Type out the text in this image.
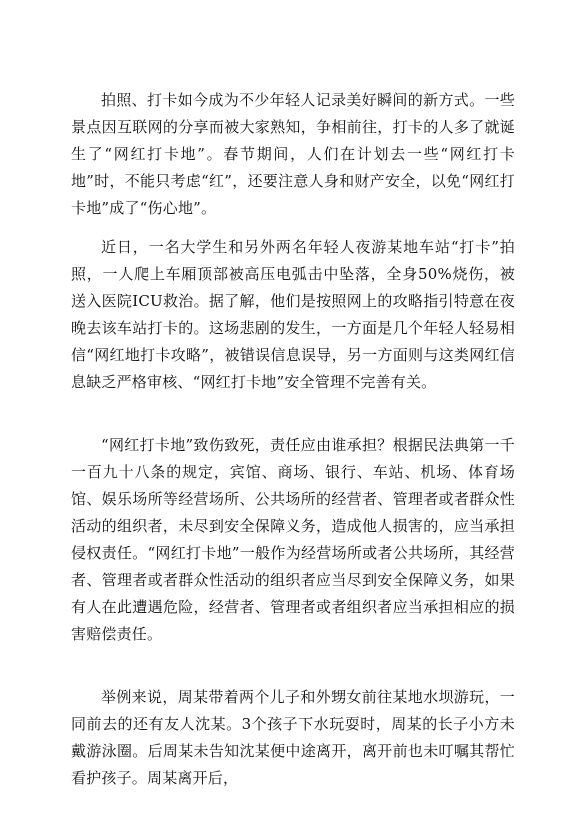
拍照、打卡如今成为不少年轻人记录美好瞬间的新方式。一些景点因互联网的分享而被大家熟知，争相前往，打卡的人多了就诞生了“网红打卡地”。春节期间，人们在计划去一些“网红打卡地”时，不能只考虑“红”，还要注意人身和财产安全，以免“网红打卡地”成了“伤心地”。

近日，一名大学生和另外两名年轻人夜游某地车站“打卡”拍照，一人爬上车厢顶部被高压电弧击中坠落，全身50%烧伤，被送入医院ICU救治。据了解，他们是按照网上的攻略指引特意在夜晚去该车站打卡的。这场悲剧的发生，一方面是几个年轻人轻易相信“网红地打卡攻略”，被错误信息误导，另一方面则与这类网红信息缺乏严格审核、“网红打卡地”安全管理不完善有关。

“网红打卡地”致伤致死，责任应由谁承担？根据民法典第一千一百九十八条的规定，宾馆、商场、银行、车站、机场、体育场馆、娱乐场所等经营场所、公共场所的经营者、管理者或者群众性活动的组织者，未尽到安全保障义务，造成他人损害的，应当承担侵权责任。“网红打卡地”一般作为经营场所或者公共场所，其经营者、管理者或者群众性活动的组织者应当尽到安全保障义务，如果有人在此遭遇危险，经营者、管理者或者组织者应当承担相应的损害赔偿责任。

举例来说，周某带着两个儿子和外甥女前往某地水坝游玩，一同前去的还有友人沈某。3个孩子下水玩耍时，周某的长子小方未戴游泳圈。后周某未告知沈某便中途离开，离开前也未叮嘱其帮忙看护孩子。周某离开后，
